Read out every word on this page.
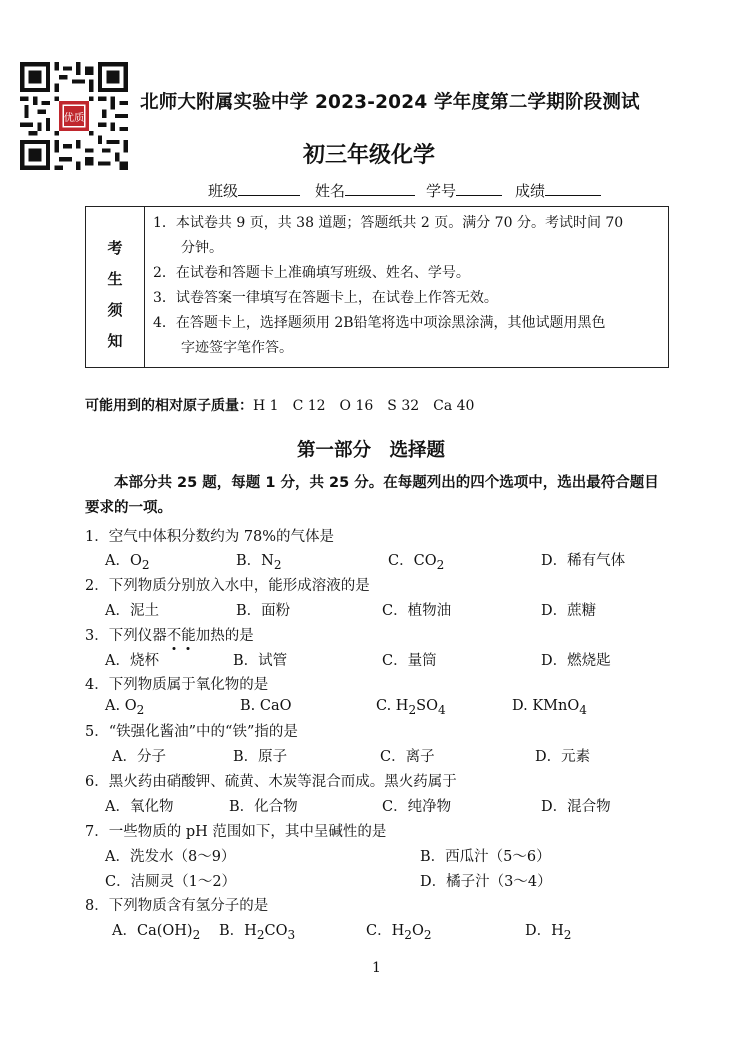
优质
北师大附属实验中学 2023-2024 学年度第二学期阶段测试
初三年级化学
班级	姓名	学号	成绩
考
生
须
知

1．本试卷共 9 页，共 38 道题；答题纸共 2 页。满分 70 分。考试时间 70
分钟。
2．在试卷和答题卡上准确填写班级、姓名、学号。
3．试卷答案一律填写在答题卡上，在试卷上作答无效。
4．在答题卡上，选择题须用 2B铅笔将选中项涂黑涂满，其他试题用黑色
字迹签字笔作答。
可能用到的相对原子质量：H 1　C 12　O 16　S 32　Ca 40
第一部分　选择题
本部分共 25 题，每题 1 分，共 25 分。在每题列出的四个选项中，选出最符合题目
要求的一项。
1．空气中体积分数约为 78%的气体是
A．$O_2$	B．$N_2$	C．$CO_2$	D．稀有气体
2．下列物质分别放入水中，能形成溶液的是
A．泥土	B．面粉	C．植物油	D．蔗糖
3．下列仪器不能加热的是
A．烧杯	B．试管	C．量筒	D．燃烧匙
4．下列物质属于氧化物的是
A. $O_2$	B. CaO	C. $H_2SO_4$	D. KMnO$_4$
5．“铁强化酱油”中的“铁”指的是
A．分子	B．原子	C．离子	D．元素
6．黑火药由硝酸钾、硫黄、木炭等混合而成。黑火药属于
A．氧化物	B．化合物	C．纯净物	D．混合物
7．一些物质的 pH 范围如下，其中呈碱性的是
A．洗发水（8～9）	B．西瓜汁（5～6）
C．洁厕灵（1～2）	D．橘子汁（3～4）
8．下列物质含有氢分子的是
A．$Ca(OH)_2$ B．$H_2CO_3$	C．$H_2O_2$	D．$H_2$
1
